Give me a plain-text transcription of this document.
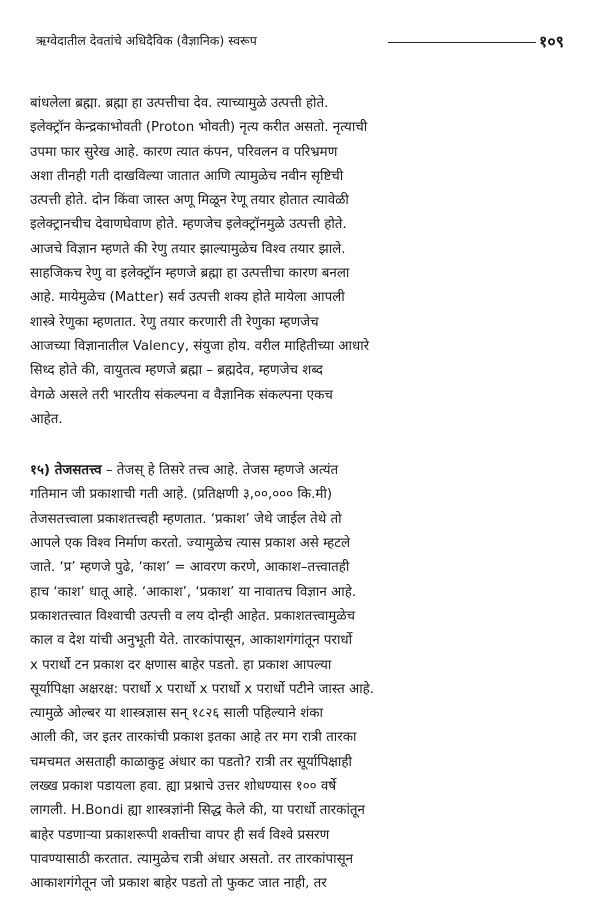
ऋग्वेदातील देवतांचे अधिदैविक (वैज्ञानिक) स्वरूप	१०९
बांधलेला ब्रह्मा. ब्रह्मा हा उत्पत्तीचा देव. त्याच्यामुळे उत्पत्ती होते.
इलेक्ट्रॉन केन्द्रकाभोवती (Proton भोवती) नृत्य करीत असतो. नृत्याची
उपमा फार सुरेख आहे. कारण त्यात कंपन, परिवलन व परिभ्रमण
अशा तीनही गती दाखविल्या जातात आणि त्यामुळेच नवीन सृष्टिची
उत्पत्ती होते. दोन किंवा जास्त अणू मिळून रेणू तयार होतात त्यावेळी
इलेक्ट्रानचीच देवाणघेवाण होते. म्हणजेच इलेक्ट्रॉनमुळे उत्पत्ती होते.
आजचे विज्ञान म्हणते की रेणु तयार झाल्यामुळेच विश्व तयार झाले.
साहजिकच रेणु वा इलेक्ट्रॉन म्हणजे ब्रह्मा हा उत्पत्तीचा कारण बनला
आहे. मायेमुळेच (Matter) सर्व उत्पत्ती शक्य होते मायेला आपली
शास्त्रे रेणुका म्हणतात. रेणु तयार करणारी ती रेणुका म्हणजेच
आजच्या विज्ञानातील Valency, संयुजा होय. वरील माहितीच्या आधारे
सिध्द होते की, वायुतत्व म्हणजे ब्रह्मा – ब्रह्मदेव, म्हणजेच शब्द
वेगळे असले तरी भारतीय संकल्पना व वैज्ञानिक संकल्पना एकच
आहेत.
१५) तेजसतत्त्व – तेजस् हे तिसरे तत्त्व आहे. तेजस म्हणजे अत्यंत
गतिमान जी प्रकाशाची गती आहे. (प्रतिक्षणी ३,००,००० कि.मी)
तेजसतत्त्वाला प्रकाशतत्त्वही म्हणतात. ‘प्रकाश’ जेथे जाईल तेथे तो
आपले एक विश्व निर्माण करतो. ज्यामुळेच त्यास प्रकाश असे म्हटले
जाते. ‘प्र’ म्हणजे पुढे, ‘काश’ = आवरण करणे, आकाश–तत्त्वातही
हाच ‘काश’ धातू आहे. ‘आकाश’, ‘प्रकाश’ या नावातच विज्ञान आहे.
प्रकाशतत्त्वात विश्वाची उत्पत्ती व लय दोन्ही आहेत. प्रकाशतत्त्वामुळेच
काल व देश यांची अनुभूती येते. तारकांपासून, आकाशगंगांतून परार्धो
x परार्धो टन प्रकाश दर क्षणास बाहेर पडतो. हा प्रकाश आपल्या
सूर्यापिक्षा अक्षरक्ष: परार्धो x परार्धो x परार्धो x परार्धो पटीने जास्त आहे.
त्यामुळे ओल्बर या शास्त्रज्ञास सन् १८२६ साली पहिल्याने शंका
आली की, जर इतर तारकांची प्रकाश इतका आहे तर मग रात्री तारका
चमचमत असताही काळाकुट्ट अंधार का पडतो? रात्री तर सूर्यापिक्षाही
लख्ख प्रकाश पडायला हवा. ह्या प्रश्नाचे उत्तर शोधण्यास १०० वर्षे
लागली. H.Bondi ह्या शास्त्रज्ञांनी सिद्ध केले की, या परार्धो तारकांतून
बाहेर पडणाऱ्या प्रकाशरूपी शक्तीचा वापर ही सर्व विश्वे प्रसरण
पावण्यासाठी करतात. त्यामुळेच रात्री अंधार असतो. तर तारकांपासून
आकाशगंगेतून जो प्रकाश बाहेर पडतो तो फुकट जात नाही, तर
